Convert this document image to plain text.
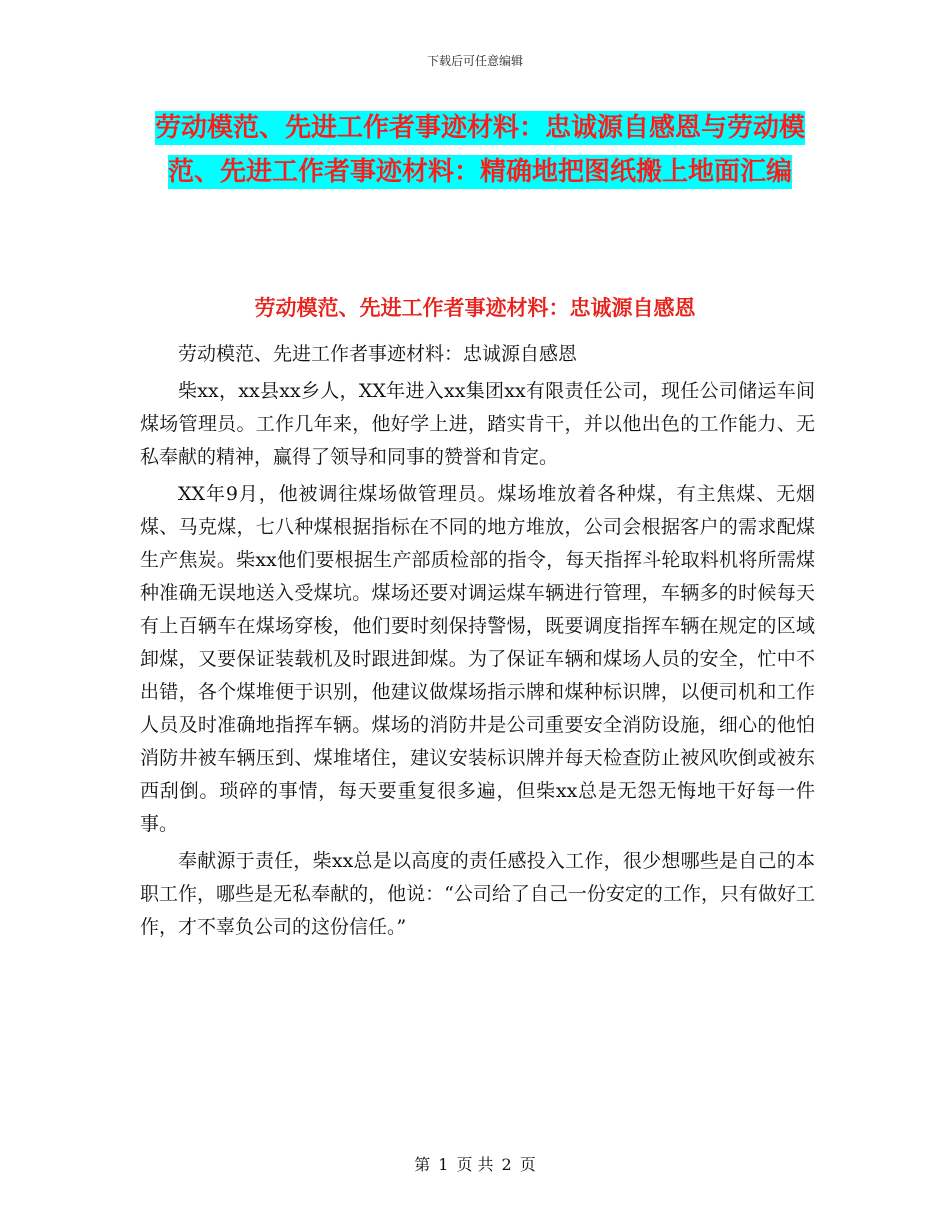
下载后可任意编辑
劳动模范、先进工作者事迹材料：忠诚源自感恩与劳动模范、先进工作者事迹材料：精确地把图纸搬上地面汇编
劳动模范、先进工作者事迹材料：忠诚源自感恩

劳动模范、先进工作者事迹材料：忠诚源自感恩

柴xx，xx县xx乡人，XX年进入xx集团xx有限责任公司，现任公司储运车间煤场管理员。工作几年来，他好学上进，踏实肯干，并以他出色的工作能力、无私奉献的精神，赢得了领导和同事的赞誉和肯定。

XX年9月，他被调往煤场做管理员。煤场堆放着各种煤，有主焦煤、无烟煤、马克煤，七八种煤根据指标在不同的地方堆放，公司会根据客户的需求配煤生产焦炭。柴xx他们要根据生产部质检部的指令，每天指挥斗轮取料机将所需煤种准确无误地送入受煤坑。煤场还要对调运煤车辆进行管理，车辆多的时候每天有上百辆车在煤场穿梭，他们要时刻保持警惕，既要调度指挥车辆在规定的区域卸煤，又要保证装载机及时跟进卸煤。为了保证车辆和煤场人员的安全，忙中不出错，各个煤堆便于识别，他建议做煤场指示牌和煤种标识牌，以便司机和工作人员及时准确地指挥车辆。煤场的消防井是公司重要安全消防设施，细心的他怕消防井被车辆压到、煤堆堵住，建议安装标识牌并每天检查防止被风吹倒或被东西刮倒。琐碎的事情，每天要重复很多遍，但柴xx总是无怨无悔地干好每一件事。

奉献源于责任，柴xx总是以高度的责任感投入工作，很少想哪些是自己的本职工作，哪些是无私奉献的，他说：“公司给了自己一份安定的工作，只有做好工作，才不辜负公司的这份信任。”

第 1 页 共 2 页
